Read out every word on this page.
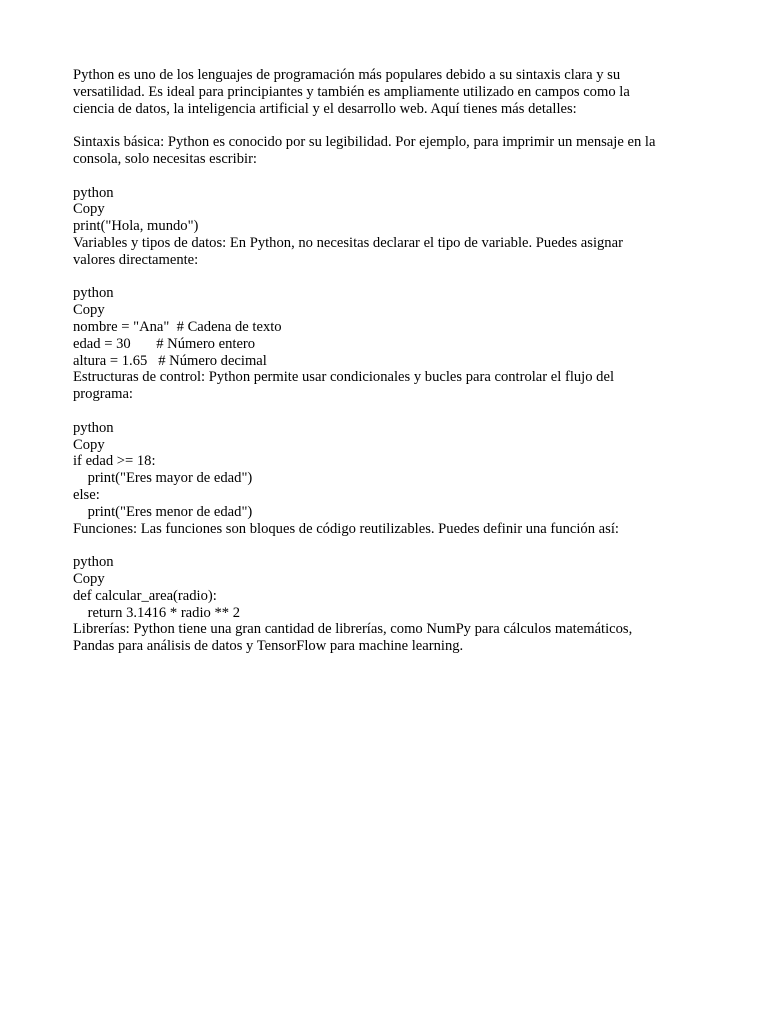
Python es uno de los lenguajes de programación más populares debido a su sintaxis clara y su
versatilidad. Es ideal para principiantes y también es ampliamente utilizado en campos como la
ciencia de datos, la inteligencia artificial y el desarrollo web. Aquí tienes más detalles:
Sintaxis básica: Python es conocido por su legibilidad. Por ejemplo, para imprimir un mensaje en la
consola, solo necesitas escribir:
python
Copy
print("Hola, mundo")
Variables y tipos de datos: En Python, no necesitas declarar el tipo de variable. Puedes asignar
valores directamente:
python
Copy
nombre = "Ana"  # Cadena de texto
edad = 30       # Número entero
altura = 1.65   # Número decimal
Estructuras de control: Python permite usar condicionales y bucles para controlar el flujo del
programa:
python
Copy
if edad >= 18:
print("Eres mayor de edad")
else:
print("Eres menor de edad")
Funciones: Las funciones son bloques de código reutilizables. Puedes definir una función así:
python
Copy
def calcular_area(radio):
return 3.1416 * radio ** 2
Librerías: Python tiene una gran cantidad de librerías, como NumPy para cálculos matemáticos,
Pandas para análisis de datos y TensorFlow para machine learning.
